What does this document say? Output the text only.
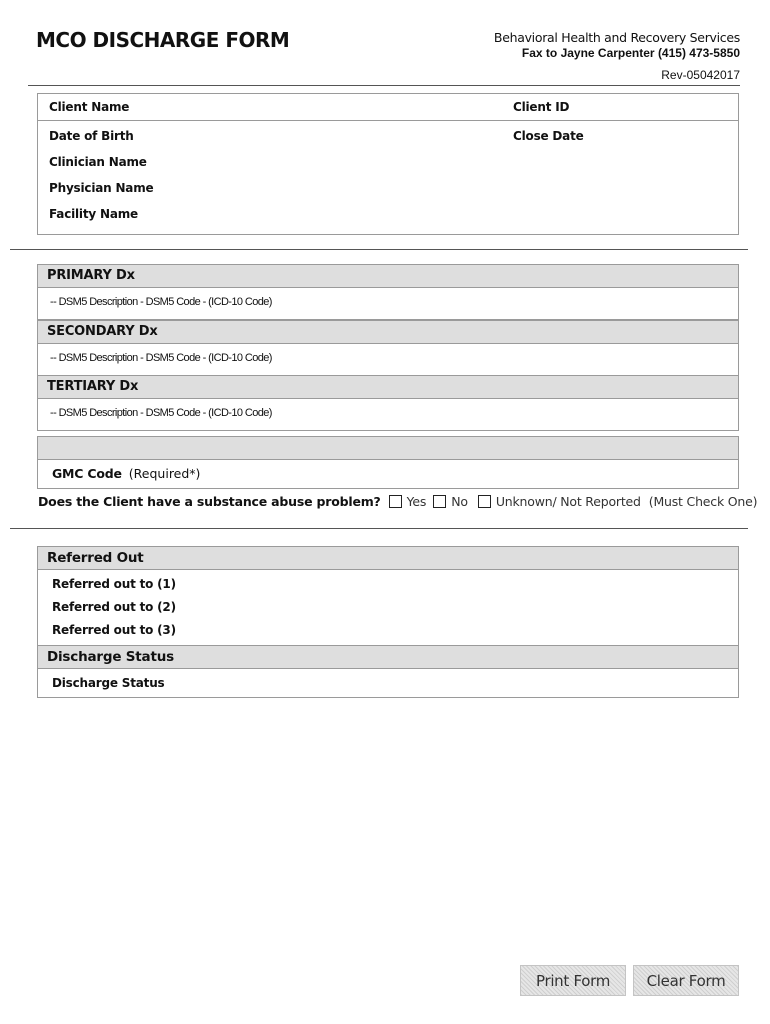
MCO DISCHARGE FORM	Behavioral Health and Recovery Services
Fax to Jayne Carpenter (415) 473-5850
Rev-05042017
Client Name	Client ID
Date of Birth	Close Date
Clinician Name
Physician Name
Facility Name
PRIMARY Dx
-- DSM5 Description - DSM5 Code - (ICD-10 Code)
SECONDARY Dx
-- DSM5 Description - DSM5 Code - (ICD-10 Code)
TERTIARY Dx
-- DSM5 Description - DSM5 Code - (ICD-10 Code)
GMC Code (Required*)
Does the Client have a substance abuse problem? Yes No Unknown/ Not Reported (Must Check One)
Referred Out
Referred out to (1)
Referred out to (2)
Referred out to (3)
Discharge Status
Discharge Status
Print Form	Clear Form
